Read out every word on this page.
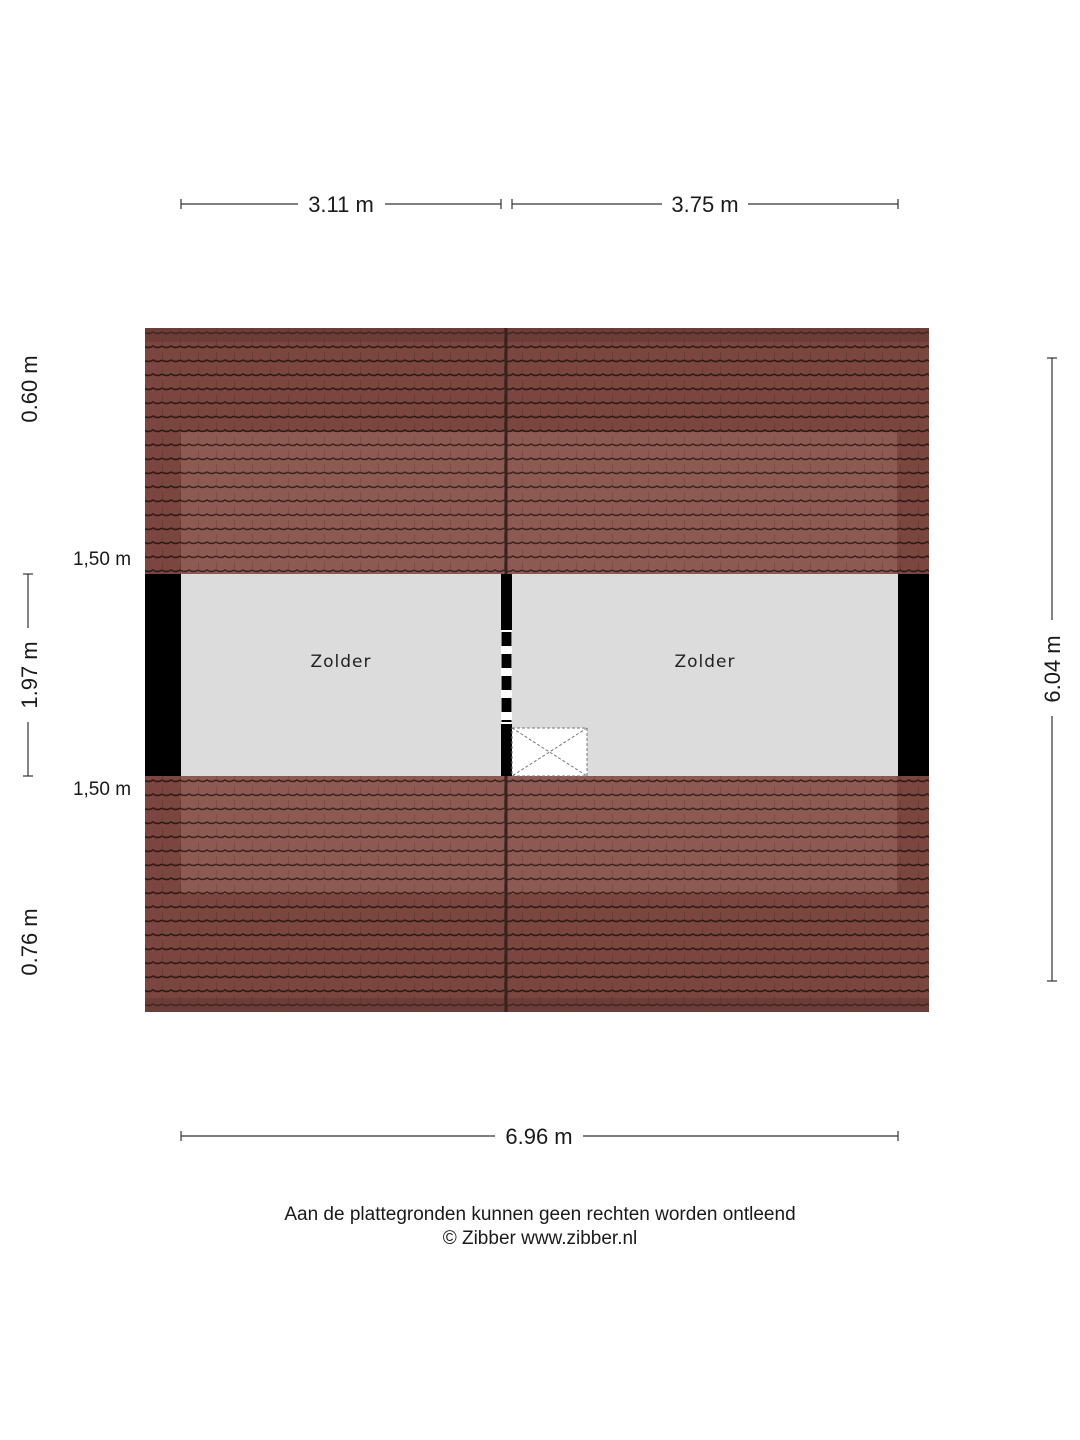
Zolder	Zolder
3.11 m	3.75 m
6.96 m
6.04 m
0.60 m
1.97 m
0.76 m
1,50 m
1,50 m
Aan de plattegronden kunnen geen rechten worden ontleend
© Zibber www.zibber.nl
